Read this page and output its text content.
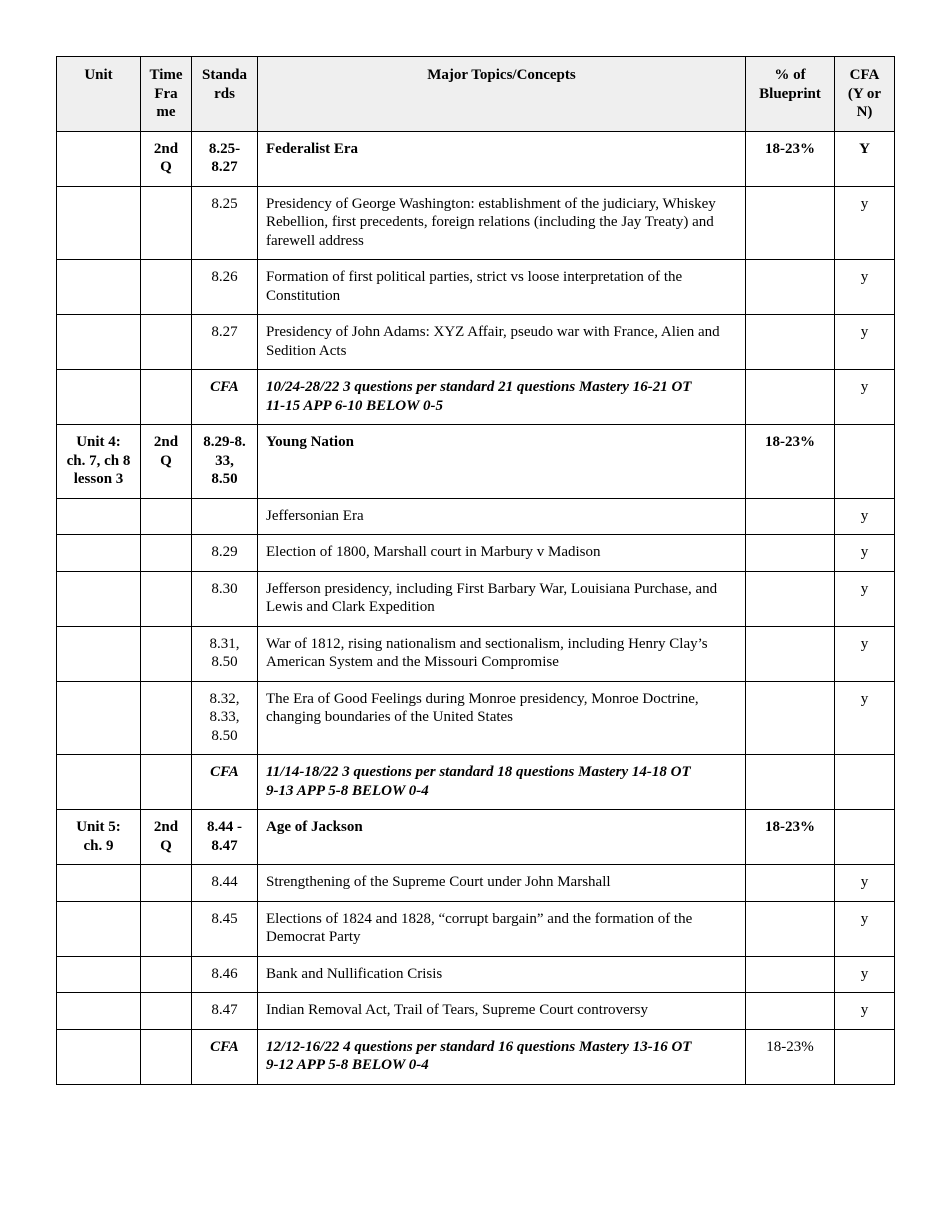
Unit	Time
Fra
me	Standa
rds	Major Topics/Concepts	% of
Blueprint	CFA
(Y or
N)

	2nd Q	8.25-8.27	Federalist Era	18-23%	Y
		8.25	Presidency of George Washington: establishment of the judiciary, Whiskey Rebellion, first precedents, foreign relations (including the Jay Treaty) and farewell address		y
		8.26	Formation of first political parties, strict vs loose interpretation of the Constitution		y
		8.27	Presidency of John Adams: XYZ Affair, pseudo war with France, Alien and Sedition Acts		y
		CFA	10/24-28/22 3 questions per standard 21 questions Mastery 16-21 OT
11-15 APP 6-10 BELOW 0-5		y

Unit 4:
ch. 7, ch 8
lesson 3	2nd
Q	8.29-8.
33,
8.50	Young Nation	18-23%	
			Jeffersonian Era		y
		8.29	Election of 1800, Marshall court in Marbury v Madison		y
		8.30	Jefferson presidency, including First Barbary War, Louisiana Purchase, and Lewis and Clark Expedition		y

		8.31,
8.50	War of 1812, rising nationalism and sectionalism, including Henry Clay’s American System and the Missouri Compromise		y

		8.32,
8.33,
8.50	The Era of Good Feelings during Monroe presidency, Monroe Doctrine, changing boundaries of the United States		y
		CFA	11/14-18/22 3 questions per standard 18 questions Mastery 14-18 OT
9-13 APP 5-8 BELOW 0-4		

Unit 5:
ch. 9	2nd
Q	8.44 -
8.47	Age of Jackson	18-23%	
		8.44	Strengthening of the Supreme Court under John Marshall		y
		8.45	Elections of 1824 and 1828, “corrupt bargain” and the formation of the Democrat Party		y
		8.46	Bank and Nullification Crisis		y
		8.47	Indian Removal Act, Trail of Tears, Supreme Court controversy		y
		CFA	12/12-16/22 4 questions per standard 16 questions Mastery 13-16 OT
9-12 APP 5-8 BELOW 0-4	18-23%	
